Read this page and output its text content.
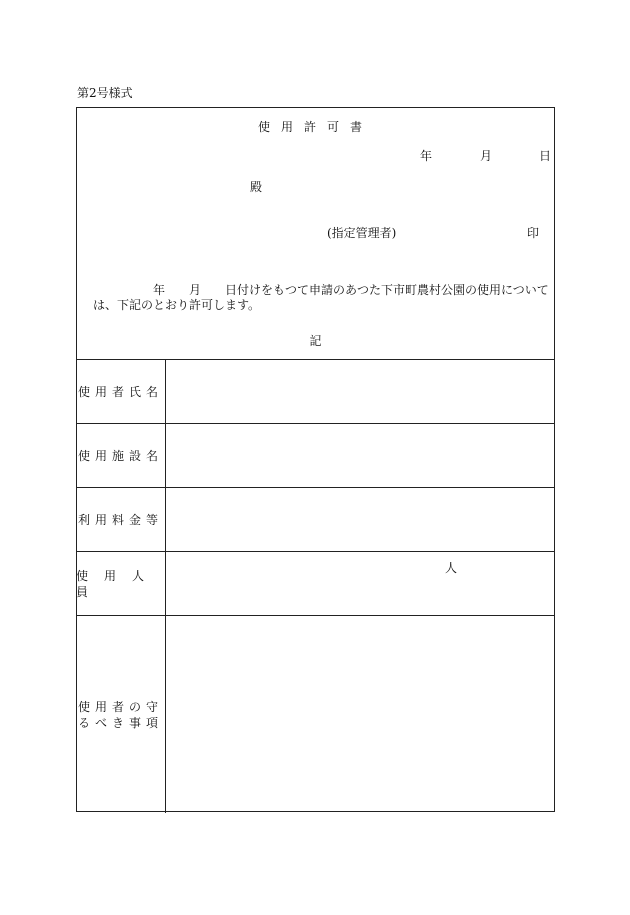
第2号様式
使用許可書
年	月	日
殿
(指定管理者)	印
年　　月　　日付けをもつて申請のあつた下市町農村公園の使用について
は、下記のとおり許可します。
記
使用者氏名
使用施設名
利用料金等
使　用　人　員
人
使用者の守
るべき事項
